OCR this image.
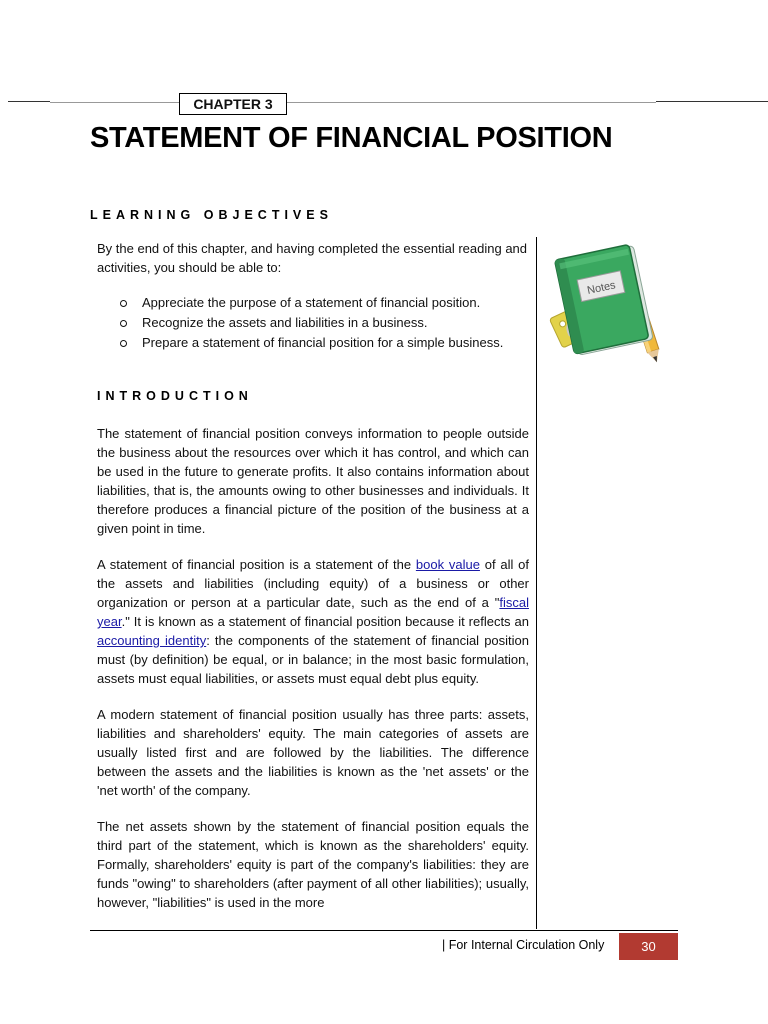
CHAPTER 3
STATEMENT OF FINANCIAL POSITION
LEARNING OBJECTIVES

By the end of this chapter, and having completed the essential reading and activities, you should be able to:

Appreciate the purpose of a statement of financial position.
Recognize the assets and liabilities in a business.
Prepare a statement of financial position for a simple business.
Notes
INTRODUCTION

The statement of financial position conveys information to people outside the business about the resources over which it has control, and which can be used in the future to generate profits. It also contains information about liabilities, that is, the amounts owing to other businesses and individuals. It therefore produces a financial picture of the position of the business at a given point in time.

A statement of financial position is a statement of the book value of all of the assets and liabilities (including equity) of a business or other organization or person at a particular date, such as the end of a "fiscal year." It is known as a statement of financial position because it reflects an accounting identity: the components of the statement of financial position must (by definition) be equal, or in balance; in the most basic formulation, assets must equal liabilities, or assets must equal debt plus equity.

A modern statement of financial position usually has three parts: assets, liabilities and shareholders' equity. The main categories of assets are usually listed first and are followed by the liabilities. The difference between the assets and the liabilities is known as the 'net assets' or the 'net worth' of the company.

The net assets shown by the statement of financial position equals the third part of the statement, which is known as the shareholders' equity. Formally, shareholders' equity is part of the company's liabilities: they are funds "owing" to shareholders (after payment of all other liabilities); usually, however, "liabilities" is used in the more

| For Internal Circulation Only	30
